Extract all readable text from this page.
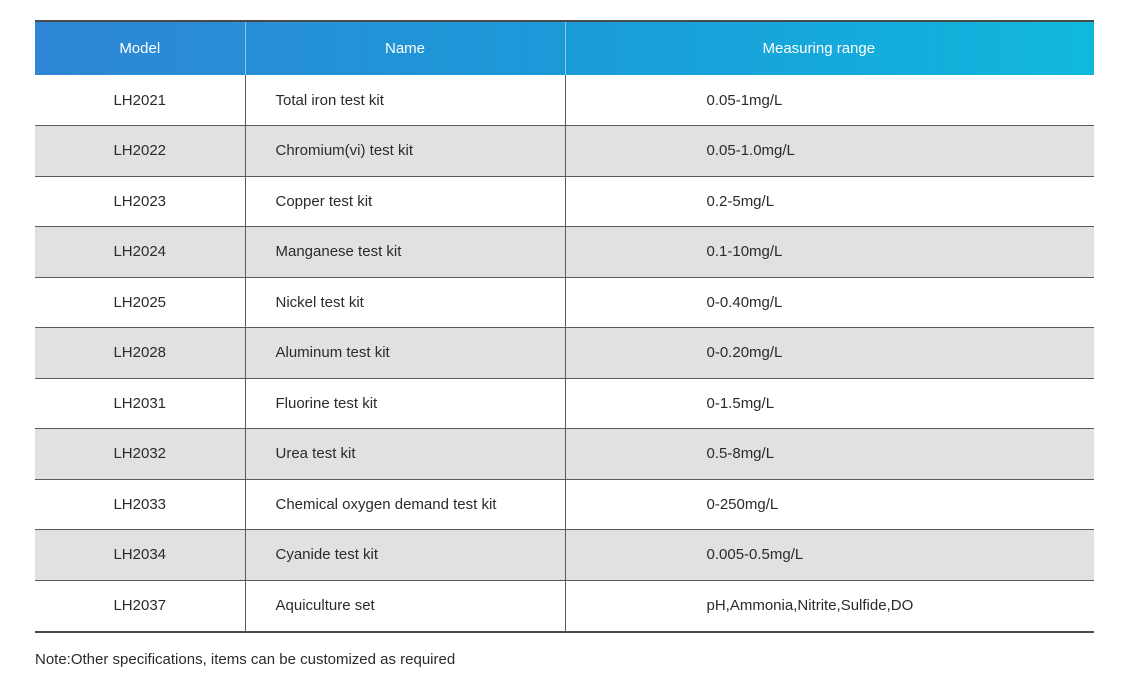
Model	Name	Measuring range
LH2021	Total iron test kit	0.05-1mg/L
LH2022	Chromium(vi) test kit	0.05-1.0mg/L
LH2023	Copper test kit	0.2-5mg/L
LH2024	Manganese test kit	0.1-10mg/L
LH2025	Nickel test kit	0-0.40mg/L
LH2028	Aluminum test kit	0-0.20mg/L
LH2031	Fluorine test kit	0-1.5mg/L
LH2032	Urea test kit	0.5-8mg/L
LH2033	Chemical oxygen demand test kit	0-250mg/L
LH2034	Cyanide test kit	0.005-0.5mg/L
LH2037	Aquiculture set	pH,Ammonia,Nitrite,Sulfide,DO
Note:Other specifications, items can be customized as required
